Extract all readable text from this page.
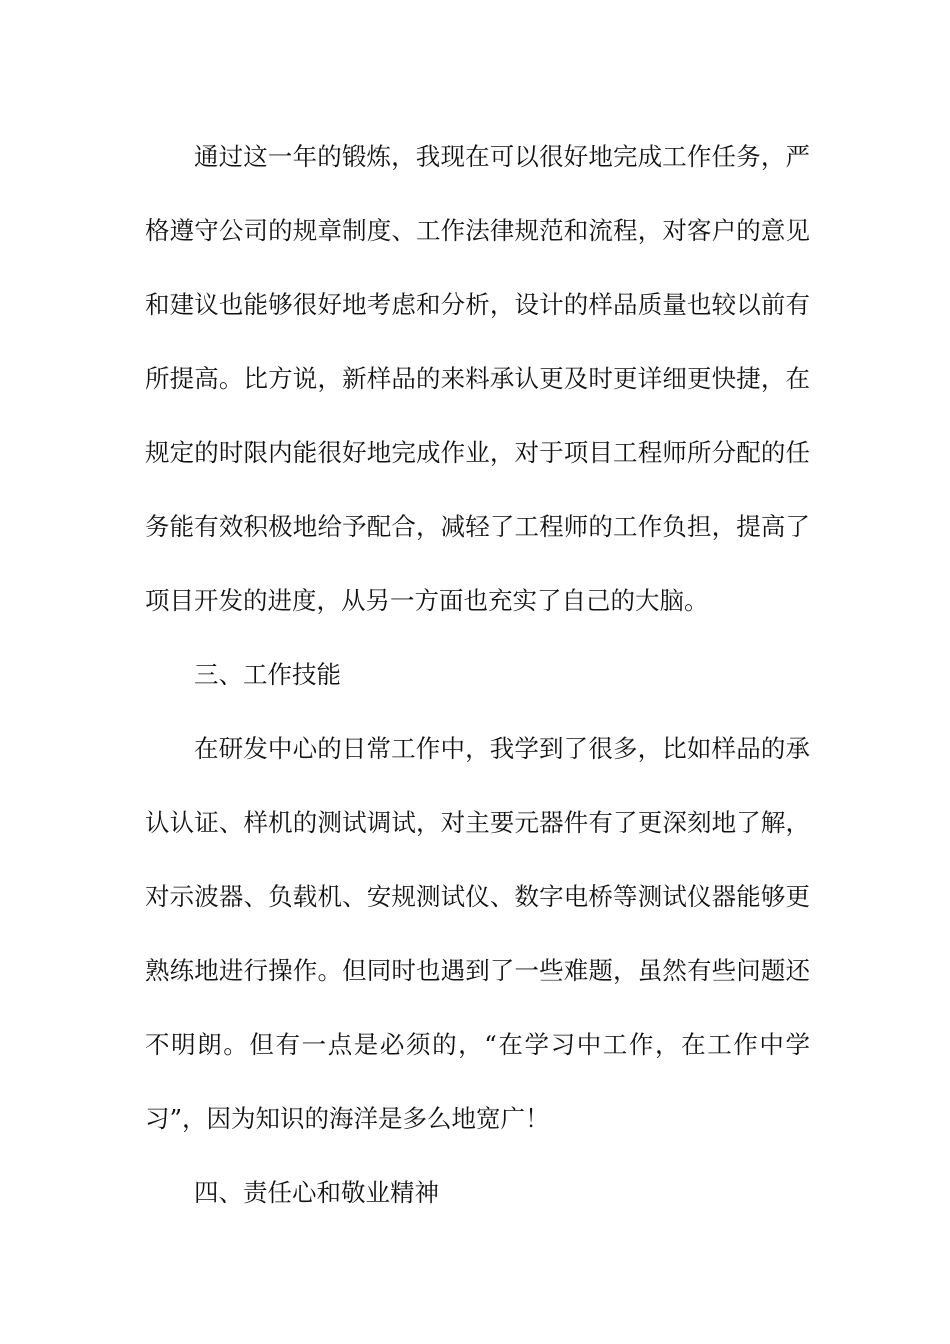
通过这一年的锻炼，我现在可以很好地完成工作任务，严格遵守公司的规章制度、工作法律规范和流程，对客户的意见和建议也能够很好地考虑和分析，设计的样品质量也较以前有所提高。比方说，新样品的来料承认更及时更详细更快捷，在规定的时限内能很好地完成作业，对于项目工程师所分配的任务能有效积极地给予配合，减轻了工程师的工作负担，提高了项目开发的进度，从另一方面也充实了自己的大脑。

三、工作技能

在研发中心的日常工作中，我学到了很多，比如样品的承认认证、样机的测试调试，对主要元器件有了更深刻地了解，对示波器、负载机、安规测试仪、数字电桥等测试仪器能够更熟练地进行操作。但同时也遇到了一些难题，虽然有些问题还不明朗。但有一点是必须的，“在学习中工作，在工作中学习”，因为知识的海洋是多么地宽广！

四、责任心和敬业精神
